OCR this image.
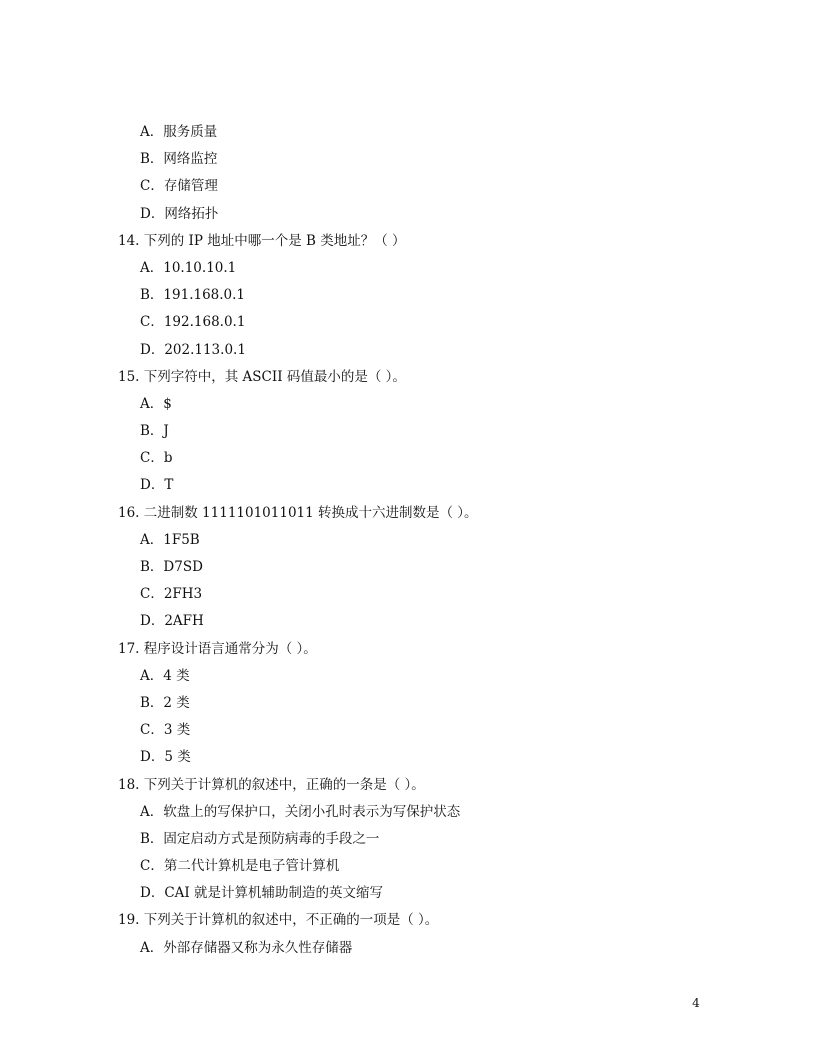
A．服务质量
B．网络监控
C．存储管理
D．网络拓扑
14. 下列的 IP 地址中哪一个是 B 类地址？（ ）
A．10.10.10.1
B．191.168.0.1
C．192.168.0.1
D．202.113.0.1
15. 下列字符中，其 ASCII 码值最小的是（ ）。
A．$
B．J
C．b
D．T
16. 二进制数 1111101011011 转换成十六进制数是（ ）。
A．1F5B
B．D7SD
C．2FH3
D．2AFH
17. 程序设计语言通常分为（ ）。
A．4 类
B．2 类
C．3 类
D．5 类
18. 下列关于计算机的叙述中，正确的一条是（ ）。
A．软盘上的写保护口，关闭小孔时表示为写保护状态
B．固定启动方式是预防病毒的手段之一
C．第二代计算机是电子管计算机
D．CAI 就是计算机辅助制造的英文缩写
19. 下列关于计算机的叙述中，不正确的一项是（ ）。
A．外部存储器又称为永久性存储器
4
